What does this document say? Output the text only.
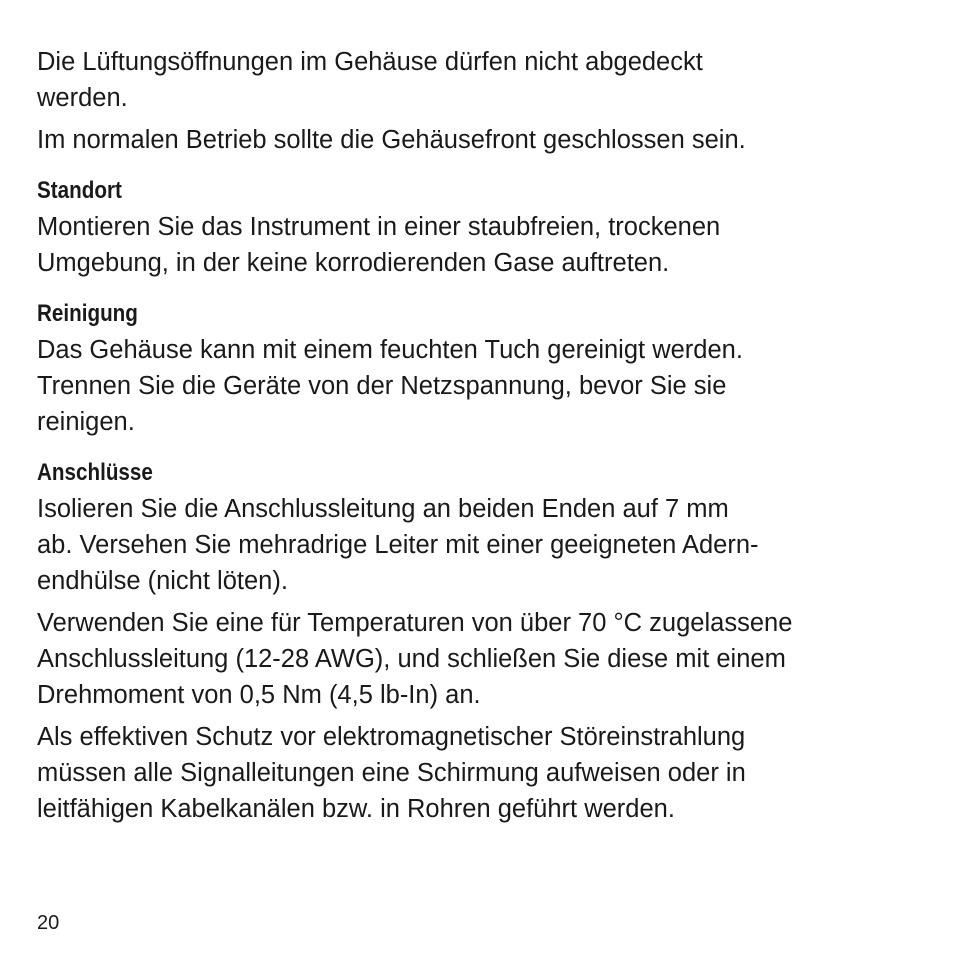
Die Lüftungsöffnungen im Gehäuse dürfen nicht abgedeckt
werden.
Im normalen Betrieb sollte die Gehäusefront geschlossen sein.
Standort
Montieren Sie das Instrument in einer staubfreien, trockenen
Umgebung, in der keine korrodierenden Gase auftreten.
Reinigung
Das Gehäuse kann mit einem feuchten Tuch gereinigt werden.
Trennen Sie die Geräte von der Netzspannung, bevor Sie sie
reinigen.
Anschlüsse
Isolieren Sie die Anschlussleitung an beiden Enden auf 7 mm
ab. Versehen Sie mehradrige Leiter mit einer geeigneten Adern-
endhülse (nicht löten).
Verwenden Sie eine für Temperaturen von über 70 °C zugelassene
Anschlussleitung (12-28 AWG), und schließen Sie diese mit einem
Drehmoment von 0,5 Nm (4,5 lb-In) an.
Als effektiven Schutz vor elektromagnetischer Störeinstrahlung
müssen alle Signalleitungen eine Schirmung aufweisen oder in
leitfähigen Kabelkanälen bzw. in Rohren geführt werden.
20
